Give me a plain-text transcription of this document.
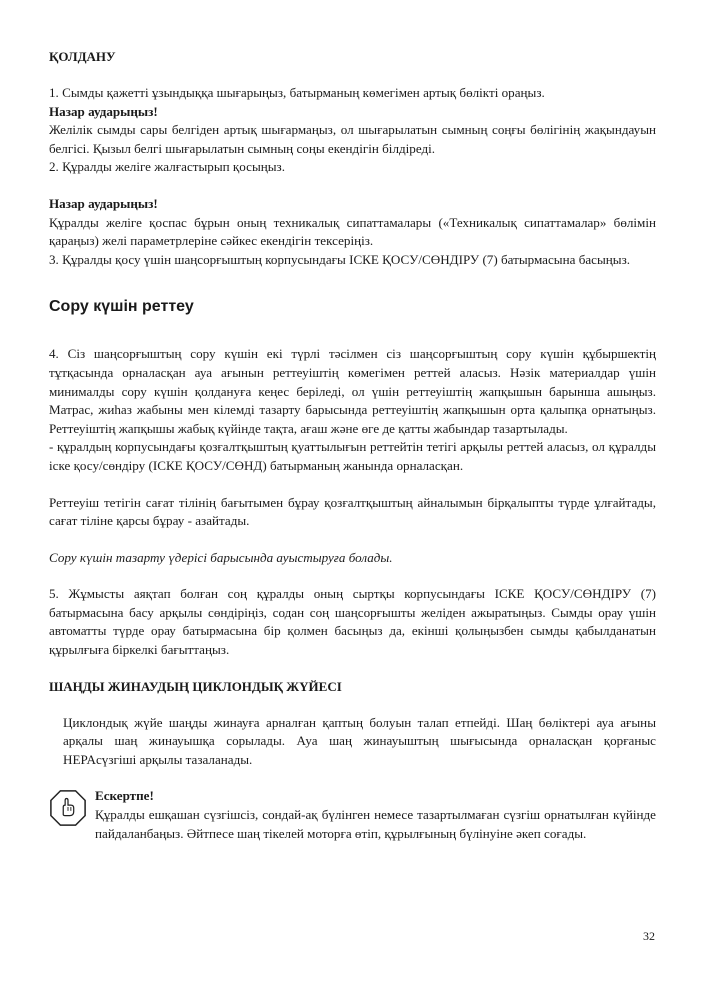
ҚОЛДАНУ

1. Сымды қажетті ұзындыққа шығарыңыз, батырманың көмегімен артық бөлікті ораңыз.

Назар аударыңыз!

Желілік сымды сары белгіден артық шығармаңыз, ол шығарылатын сымның соңғы бөлігінің жақындауын белгісі. Қызыл белгі шығарылатын сымның соңы екендігін білдіреді.

2. Құралды желіге жалғастырып қосыңыз.

Назар аударыңыз!

Құралды желіге қоспас бұрын оның техникалық сипаттамалары («Техникалық сипаттамалар» бөлімін қараңыз) желі параметрлеріне сәйкес екендігін тексеріңіз.

3. Құралды қосу үшін шаңсорғыштың корпусындағы ІСКЕ ҚОСУ/СӨНДІРУ (7) батырмасына басыңыз.

Сору күшін реттеу

4. Сіз шаңсорғыштың сору күшін екі түрлі тәсілмен сіз шаңсорғыштың сору күшін құбыршектің тұтқасында орналасқан ауа ағынын реттеуіштің көмегімен реттей аласыз. Нәзік материалдар үшін минималды сору күшін қолдануға кеңес беріледі, ол үшін реттеуіштің жапқышын барынша ашыңыз. Матрас, жиһаз жабыны мен кілемді тазарту барысында реттеуіштің жапқышын орта қалыпқа орнатыңыз. Реттеуіштің жапқышы жабық күйінде тақта, ағаш және өге де қатты жабындар тазартылады.

- құралдың корпусындағы қозғалтқыштың қуаттылығын реттейтін тетігі арқылы реттей аласыз, ол құралды іске қосу/сөндіру (ІСКЕ ҚОСУ/СӨНД) батырманың жанында орналасқан.

Реттеуіш тетігін сағат тілінің бағытымен бұрау қозғалтқыштың айналымын бірқалыпты түрде ұлғайтады, сағат тіліне қарсы бұрау - азайтады.

Сору күшін тазарту үдерісі барысында ауыстыруға болады.

5. Жұмысты аяқтап болған соң құралды оның сыртқы корпусындағы ІСКЕ ҚОСУ/СӨНДІРУ (7) батырмасына басу арқылы сөндіріңіз, содан соң шаңсорғышты желіден ажыратыңыз. Сымды орау үшін автоматты түрде орау батырмасына бір қолмен басыңыз да, екінші қолыңызбен сымды қабылданатын құрылғыға біркелкі бағыттаңыз.

ШАҢДЫ ЖИНАУДЫҢ ЦИКЛОНДЫҚ ЖҮЙЕСІ

Циклондық жүйе шаңды жинауға арналған қаптың болуын талап етпейді. Шаң бөліктері ауа ағыны арқалы шаң жинауышқа сорылады. Ауа шаң жинауыштың шығысында орналасқан қорғаныс HEPAсүзгіші арқылы тазаланады.

Ескертпе!

Құралды ешқашан сүзгішсіз, сондай-ақ бүлінген немесе тазартылмаған сүзгіш орнатылған күйінде пайдаланбаңыз. Әйтпесе шаң тікелей моторға өтіп, құрылғының бүлінуіне әкеп соғады.

32
